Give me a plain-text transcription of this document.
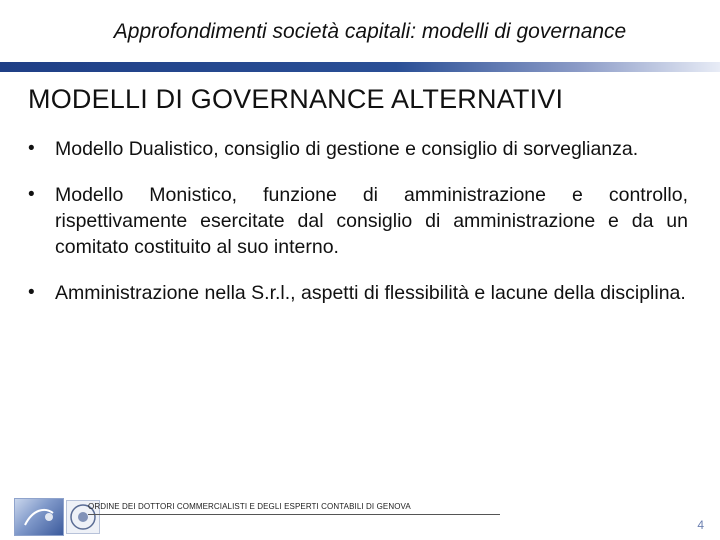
Approfondimenti società capitali: modelli di governance
MODELLI DI GOVERNANCE ALTERNATIVI
• Modello Dualistico, consiglio di gestione e consiglio di sorveglianza.
• Modello Monistico, funzione di amministrazione e controllo, rispettivamente esercitate dal consiglio di amministrazione e da un comitato costituito al suo interno.
• Amministrazione nella S.r.l., aspetti di flessibilità e lacune della disciplina.
ORDINE DEI DOTTORI COMMERCIALISTI E DEGLI ESPERTI CONTABILI DI GENOVA
4
